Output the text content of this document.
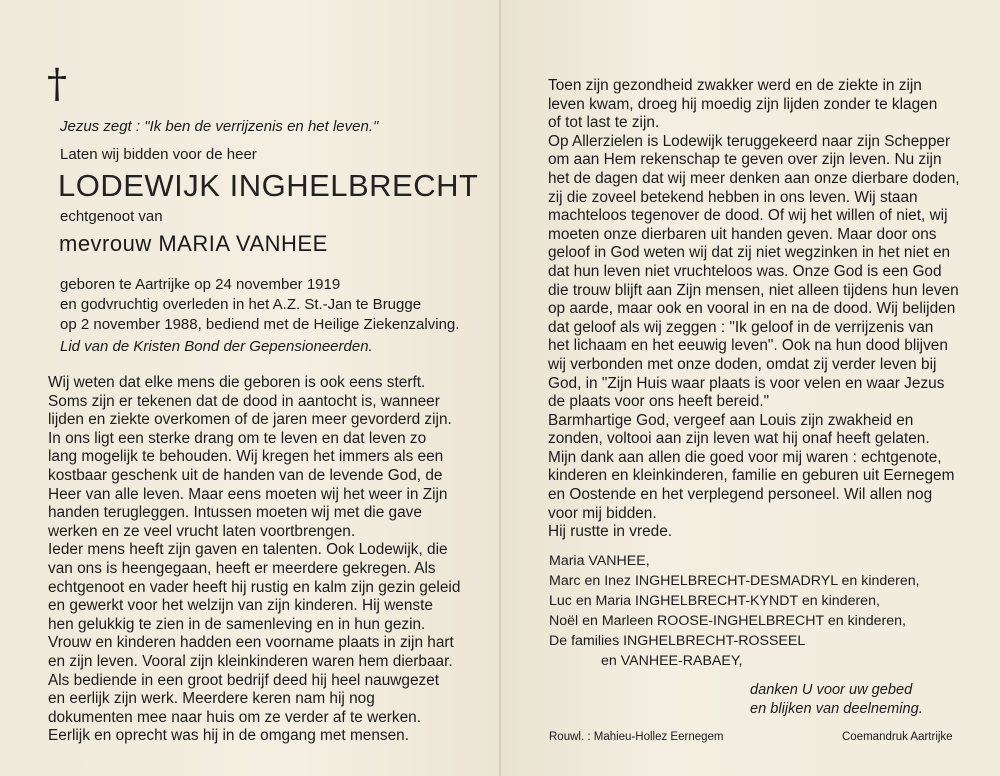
†
Jezus zegt : "Ik ben de verrijzenis en het leven."
Laten wij bidden voor de heer
LODEWIJK INGHELBRECHT
echtgenoot van
mevrouw MARIA VANHEE
geboren te Aartrijke op 24 november 1919
en godvruchtig overleden in het A.Z. St.-Jan te Brugge
op 2 november 1988, bediend met de Heilige Ziekenzalving.
Lid van de Kristen Bond der Gepensioneerden.
Wij weten dat elke mens die geboren is ook eens sterft.
Soms zijn er tekenen dat de dood in aantocht is, wanneer
lijden en ziekte overkomen of de jaren meer gevorderd zijn.
In ons ligt een sterke drang om te leven en dat leven zo
lang mogelijk te behouden. Wij kregen het immers als een
kostbaar geschenk uit de handen van de levende God, de
Heer van alle leven. Maar eens moeten wij het weer in Zijn
handen terugleggen. Intussen moeten wij met die gave
werken en ze veel vrucht laten voortbrengen.
Ieder mens heeft zijn gaven en talenten. Ook Lodewijk, die
van ons is heengegaan, heeft er meerdere gekregen. Als
echtgenoot en vader heeft hij rustig en kalm zijn gezin geleid
en gewerkt voor het welzijn van zijn kinderen. Hij wenste
hen gelukkig te zien in de samenleving en in hun gezin.
Vrouw en kinderen hadden een voorname plaats in zijn hart
en zijn leven. Vooral zijn kleinkinderen waren hem dierbaar.
Als bediende in een groot bedrijf deed hij heel nauwgezet
en eerlijk zijn werk. Meerdere keren nam hij nog
dokumenten mee naar huis om ze verder af te werken.
Eerlijk en oprecht was hij in de omgang met mensen.
Toen zijn gezondheid zwakker werd en de ziekte in zijn
leven kwam, droeg hij moedig zijn lijden zonder te klagen
of tot last te zijn.
Op Allerzielen is Lodewijk teruggekeerd naar zijn Schepper
om aan Hem rekenschap te geven over zijn leven. Nu zijn
het de dagen dat wij meer denken aan onze dierbare doden,
zij die zoveel betekend hebben in ons leven. Wij staan
machteloos tegenover de dood. Of wij het willen of niet, wij
moeten onze dierbaren uit handen geven. Maar door ons
geloof in God weten wij dat zij niet wegzinken in het niet en
dat hun leven niet vruchteloos was. Onze God is een God
die trouw blijft aan Zijn mensen, niet alleen tijdens hun leven
op aarde, maar ook en vooral in en na de dood. Wij belijden
dat geloof als wij zeggen : "Ik geloof in de verrijzenis van
het lichaam en het eeuwig leven". Ook na hun dood blijven
wij verbonden met onze doden, omdat zij verder leven bij
God, in "Zijn Huis waar plaats is voor velen en waar Jezus
de plaats voor ons heeft bereid."
Barmhartige God, vergeef aan Louis zijn zwakheid en
zonden, voltooi aan zijn leven wat hij onaf heeft gelaten.
Mijn dank aan allen die goed voor mij waren : echtgenote,
kinderen en kleinkinderen, familie en geburen uit Eernegem
en Oostende en het verplegend personeel. Wil allen nog
voor mij bidden.
Hij rustte in vrede.
Maria VANHEE,
Marc en Inez INGHELBRECHT-DESMADRYL en kinderen,
Luc en Maria INGHELBRECHT-KYNDT en kinderen,
Noël en Marleen ROOSE-INGHELBRECHT en kinderen,
De families INGHELBRECHT-ROSSEEL
en VANHEE-RABAEY,
danken U voor uw gebed
en blijken van deelneming.
Rouwl. : Mahieu-Hollez Eernegem	Coemandruk Aartrijke
